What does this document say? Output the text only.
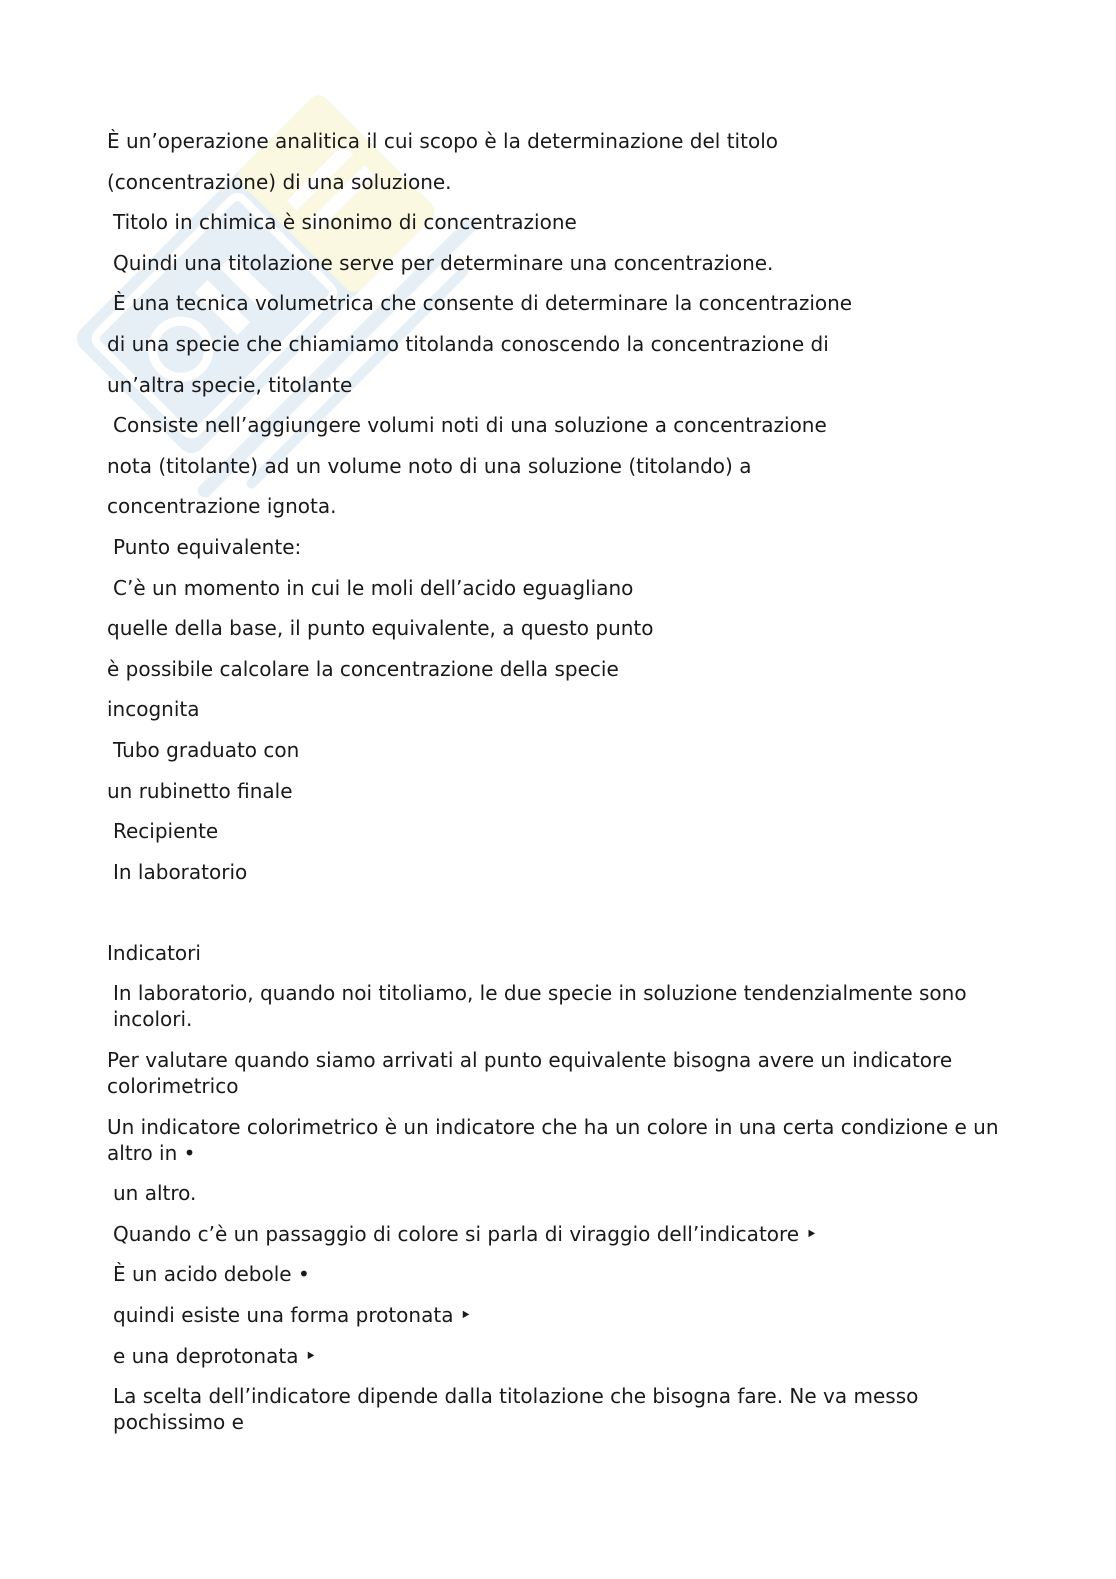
È un’operazione analitica il cui scopo è la determinazione del titolo
(concentrazione) di una soluzione.
Titolo in chimica è sinonimo di concentrazione
Quindi una titolazione serve per determinare una concentrazione.
È una tecnica volumetrica che consente di determinare la concentrazione
di una specie che chiamiamo titolanda conoscendo la concentrazione di
un’altra specie, titolante
Consiste nell’aggiungere volumi noti di una soluzione a concentrazione
nota (titolante) ad un volume noto di una soluzione (titolando) a
concentrazione ignota.
Punto equivalente:
C’è un momento in cui le moli dell’acido eguagliano
quelle della base, il punto equivalente, a questo punto
è possibile calcolare la concentrazione della specie
incognita
Tubo graduato con
un rubinetto finale
Recipiente
In laboratorio
Indicatori
In laboratorio, quando noi titoliamo, le due specie in soluzione tendenzialmente sono incolori.
Per valutare quando siamo arrivati al punto equivalente bisogna avere un indicatore colorimetrico
Un indicatore colorimetrico è un indicatore che ha un colore in una certa condizione e un altro in •
un altro.
Quando c’è un passaggio di colore si parla di viraggio dell’indicatore ‣
È un acido debole •
quindi esiste una forma protonata ‣
e una deprotonata ‣
La scelta dell’indicatore dipende dalla titolazione che bisogna fare. Ne va messo pochissimo e
